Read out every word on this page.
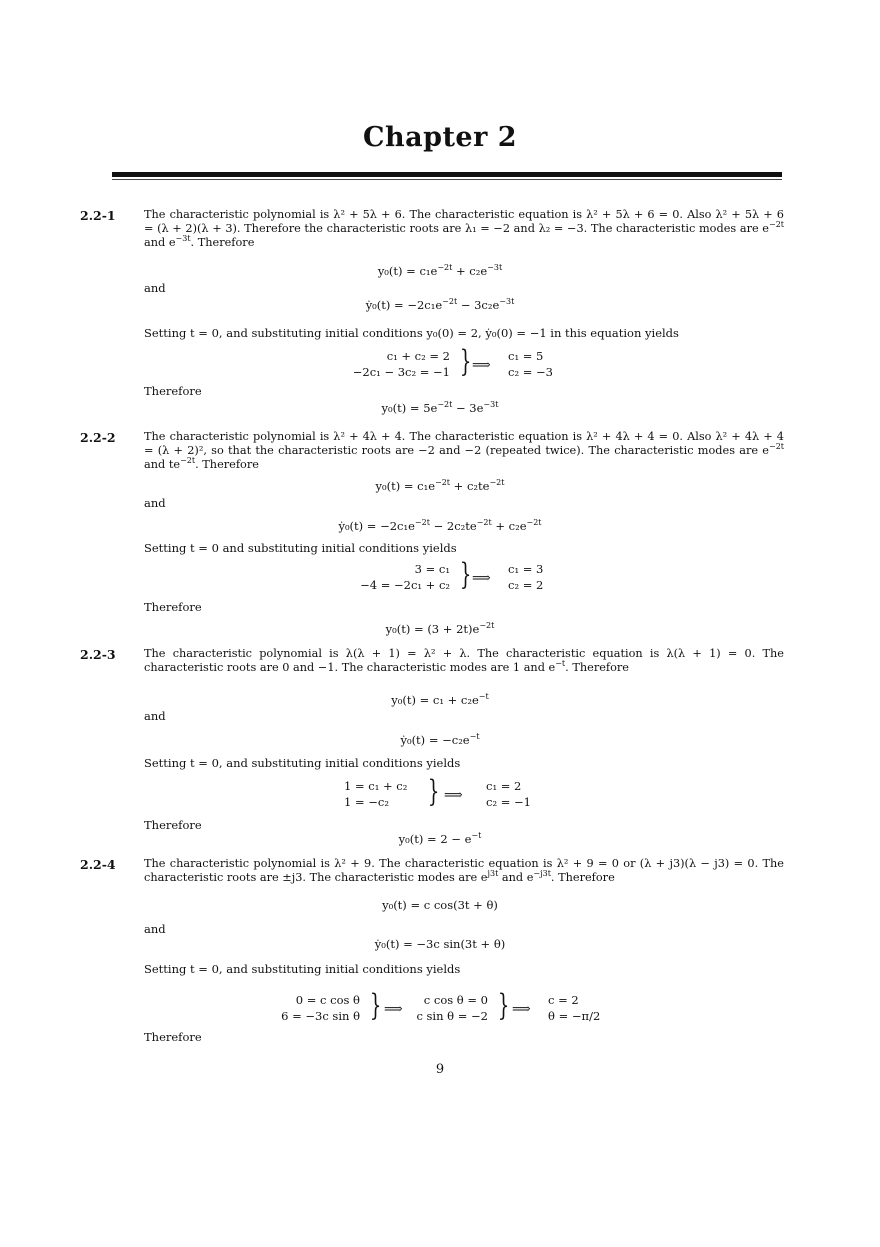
Chapter 2
2.2-1	The characteristic polynomial is λ² + 5λ + 6. The characteristic equation is λ² + 5λ + 6 = 0. Also λ² + 5λ + 6 = (λ + 2)(λ + 3). Therefore the characteristic roots are λ₁ = −2 and λ₂ = −3. The characteristic modes are $e^{-2t}$ and $e^{-3t}$. Therefore
$y_0(t) = c_1e^{-2t} + c_2e^{-3t}$
and
ẏ₀(t) = $-2c_1e^{-2t} - 3c_2e^{-3t}$
Setting t = 0, and substituting initial conditions y₀(0) = 2, ẏ₀(0) = −1 in this equation yields
c₁ + c₂ = 2
−2c₁ − 3c₂ = −1 } ⟹
c₁ = 5
c₂ = −3
Therefore
$y_0(t) = 5e^{-2t} - 3e^{-3t}$
2.2-2	The characteristic polynomial is λ² + 4λ + 4. The characteristic equation is λ² + 4λ + 4 = 0. Also λ² + 4λ + 4 = (λ + 2)², so that the characteristic roots are −2 and −2 (repeated twice). The characteristic modes are $e^{-2t}$ and $te^{-2t}$. Therefore
$y_0(t) = c_1e^{-2t} + c_2te^{-2t}$
and
ẏ₀(t) = $-2c_1e^{-2t} - 2c_2te^{-2t} + c_2e^{-2t}$
Setting t = 0 and substituting initial conditions yields
3 = c₁
−4 = −2c₁ + c₂ } ⟹
c₁ = 3
c₂ = 2
Therefore
$y_0(t) = (3 + 2t)e^{-2t}$
2.2-3	The characteristic polynomial is λ(λ + 1) = λ² + λ. The characteristic equation is λ(λ + 1) = 0. The characteristic roots are 0 and −1. The characteristic modes are 1 and $e^{-t}$. Therefore
$y_0(t) = c_1 + c_2e^{-t}$
and
ẏ₀(t) = $-c_2e^{-t}$
Setting t = 0, and substituting initial conditions yields
1 = c₁ + c₂
1 = −c₂	} ⟹
c₁ = 2
c₂ = −1
Therefore
$y_0(t) = 2 - e^{-t}$
2.2-4	The characteristic polynomial is λ² + 9. The characteristic equation is λ² + 9 = 0 or (λ + j3)(λ − j3) = 0. The characteristic roots are ±j3. The characteristic modes are $e^{j3t}$ and $e^{-j3t}$. Therefore
y₀(t) = c cos(3t + θ)
and
ẏ₀(t) = −3c sin(3t + θ)
Setting t = 0, and substituting initial conditions yields
0 = c cos θ
6 = −3c sin θ } ⟹
c cos θ = 0
c sin θ = −2 } ⟹
c = 2
θ = −π/2
Therefore
9
